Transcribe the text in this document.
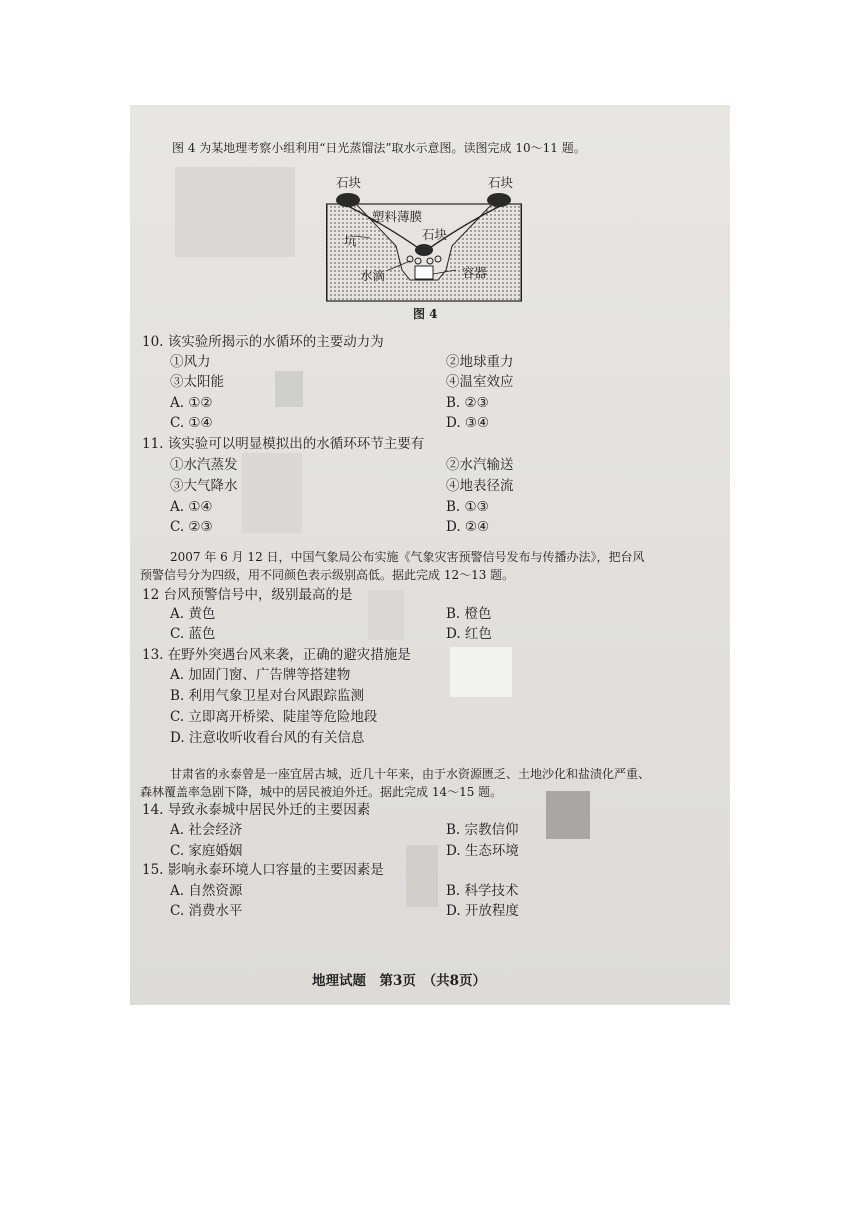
图 4 为某地理考察小组利用“日光蒸馏法”取水示意图。读图完成 10～11 题。
石块	石块
塑料薄膜
石块
坑
水滴	容器
图 4
10. 该实验所揭示的水循环的主要动力为
①风力	②地球重力
③太阳能	④温室效应
A. ①②	B. ②③
C. ①④	D. ③④
11. 该实验可以明显模拟出的水循环环节主要有
①水汽蒸发	②水汽输送
③大气降水	④地表径流
A. ①④	B. ①③
C. ②③	D. ②④
2007 年 6 月 12 日，中国气象局公布实施《气象灾害预警信号发布与传播办法》，把台风
预警信号分为四级，用不同颜色表示级别高低。据此完成 12～13 题。
12 台风预警信号中，级别最高的是
A. 黄色	B. 橙色
C. 蓝色	D. 红色
13. 在野外突遇台风来袭，正确的避灾措施是
A. 加固门窗、广告牌等搭建物
B. 利用气象卫星对台风跟踪监测
C. 立即离开桥梁、陡崖等危险地段
D. 注意收听收看台风的有关信息
甘肃省的永泰曾是一座宜居古城，近几十年来，由于水资源匮乏、土地沙化和盐渍化严重、
森林覆盖率急剧下降，城中的居民被迫外迁。据此完成 14～15 题。
14. 导致永泰城中居民外迁的主要因素
A. 社会经济	B. 宗教信仰
C. 家庭婚姻	D. 生态环境
15. 影响永泰环境人口容量的主要因素是
A. 自然资源	B. 科学技术
C. 消费水平	D. 开放程度
地理试题　第3页　（共8页）
